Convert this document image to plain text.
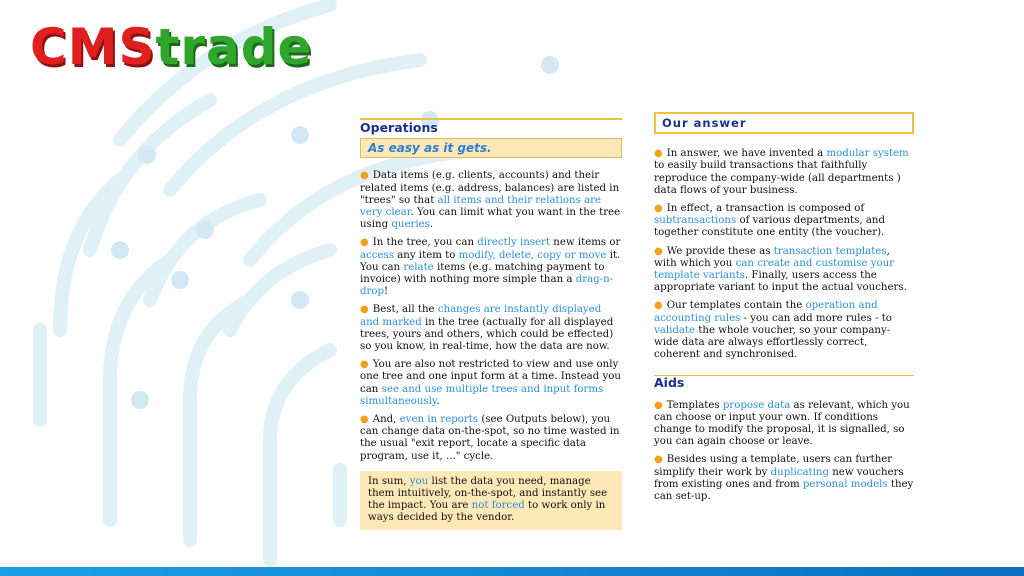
CMStrade
Operations
As easy as it gets.

● Data items (e.g. clients, accounts) and their related items (e.g. address, balances) are listed in "trees" so that all items and their relations are very clear. You can limit what you want in the tree using queries.

● In the tree, you can directly insert new items or access any item to modify, delete, copy or move it. You can relate items (e.g. matching payment to invoice) with nothing more simple than a drag-n-drop!

● Best, all the changes are instantly displayed and marked in the tree (actually for all displayed trees, yours and others, which could be effected) so you know, in real-time, how the data are now.

● You are also not restricted to view and use only one tree and one input form at a time. Instead you can see and use multiple trees and input forms simultaneously.

● And, even in reports (see Outputs below), you can change data on-the-spot, so no time wasted in the usual "exit report, locate a specific data program, use it, ..." cycle.

In sum, you list the data you need, manage them intuitively, on-the-spot, and instantly see the impact. You are not forced to work only in ways decided by the vendor.
Our answer

● In answer, we have invented a modular system to easily build transactions that faithfully reproduce the company-wide (all departments ) data flows of your business.

● In effect, a transaction is composed of subtransactions of various departments, and together constitute one entity (the voucher).

● We provide these as transaction templates, with which you can create and customise your template variants. Finally, users access the appropriate variant to input the actual vouchers.

● Our templates contain the operation and accounting rules - you can add more rules - to validate the whole voucher, so your company-wide data are always effortlessly correct, coherent and synchronised.

Aids

● Templates propose data as relevant, which you can choose or input your own. If conditions change to modify the proposal, it is signalled, so you can again choose or leave.

● Besides using a template, users can further simplify their work by duplicating new vouchers from existing ones and from personal models they can set-up.
